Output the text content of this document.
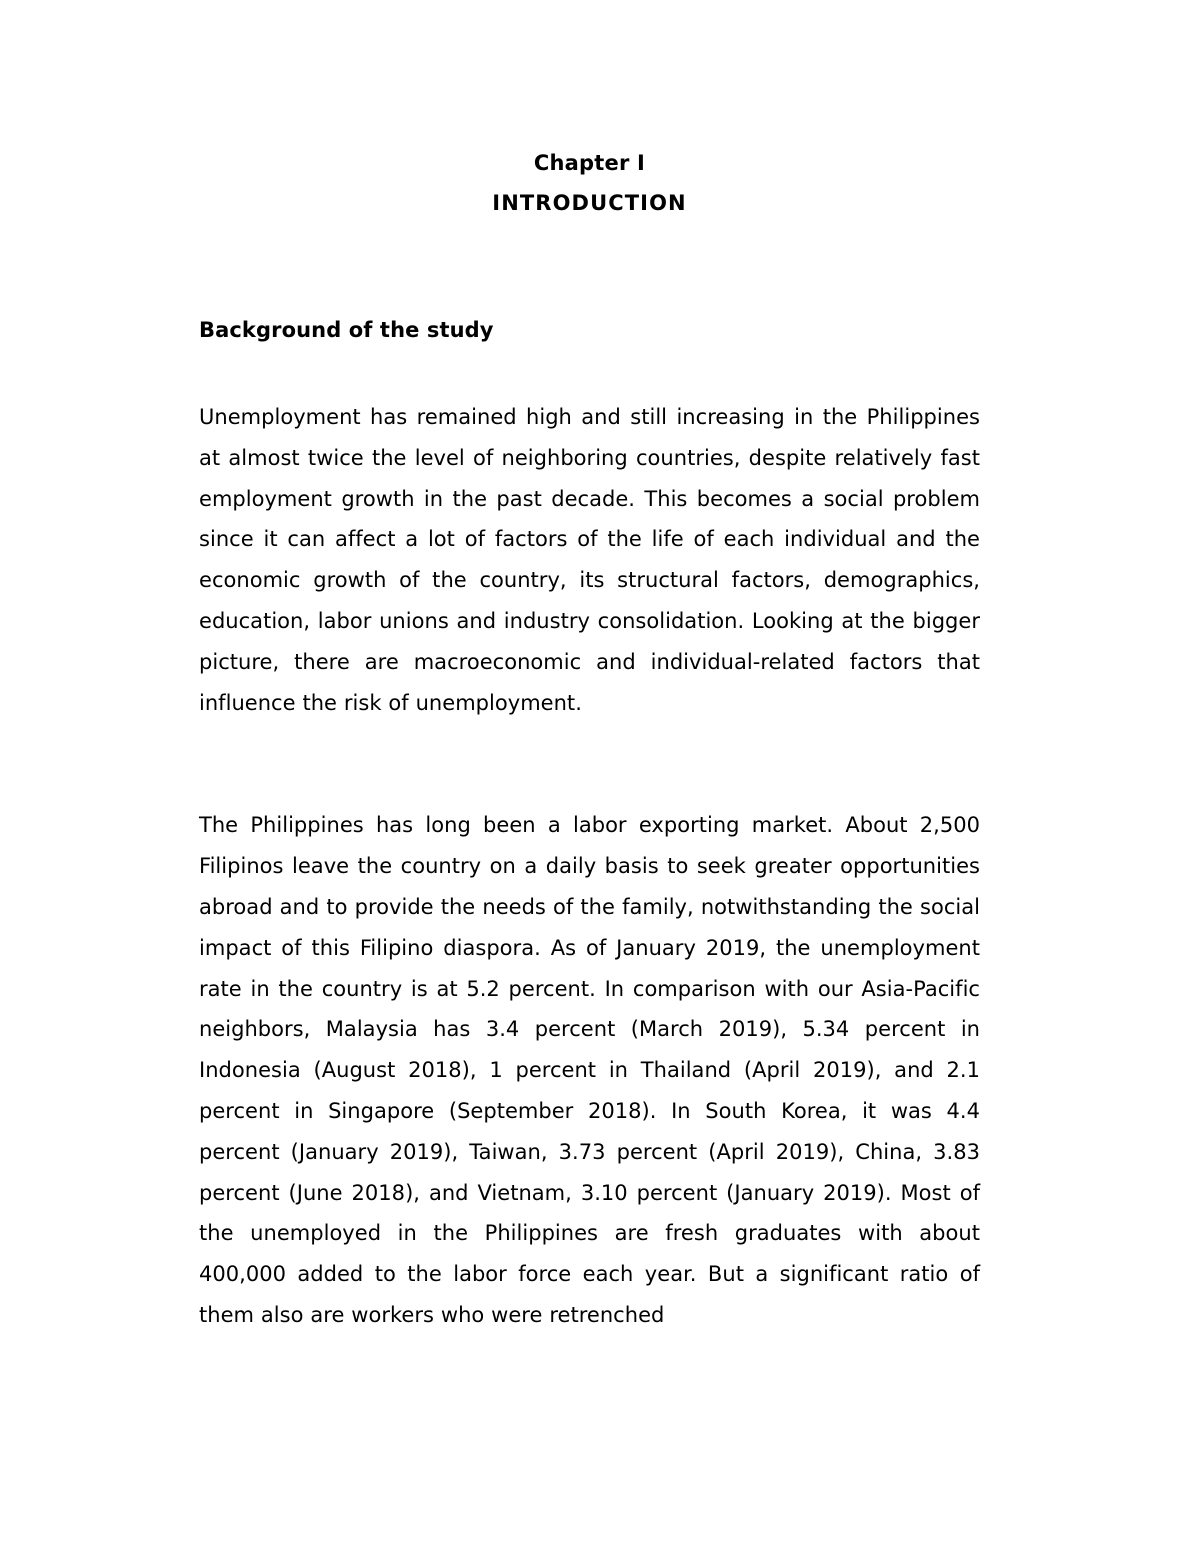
Chapter I
INTRODUCTION
Background of the study

Unemployment has remained high and still increasing in the Philippines at almost twice the level of neighboring countries, despite relatively fast employment growth in the past decade. This becomes a social problem since it can affect a lot of factors of the life of each individual and the economic growth of the country, its structural factors, demographics, education, labor unions and industry consolidation. Looking at the bigger picture, there are macroeconomic and individual-related factors that influence the risk of unemployment.

The Philippines has long been a labor exporting market. About 2,500 Filipinos leave the country on a daily basis to seek greater opportunities abroad and to provide the needs of the family, notwithstanding the social impact of this Filipino diaspora. As of January 2019, the unemployment rate in the country is at 5.2 percent. In comparison with our Asia-Pacific neighbors, Malaysia has 3.4 percent (March 2019), 5.34 percent in Indonesia (August 2018), 1 percent in Thailand (April 2019), and 2.1 percent in Singapore (September 2018). In South Korea, it was 4.4 percent (January 2019), Taiwan, 3.73 percent (April 2019), China, 3.83 percent (June 2018), and Vietnam, 3.10 percent (January 2019). Most of the unemployed in the Philippines are fresh graduates with about 400,000 added to the labor force each year. But a significant ratio of them also are workers who were retrenched
